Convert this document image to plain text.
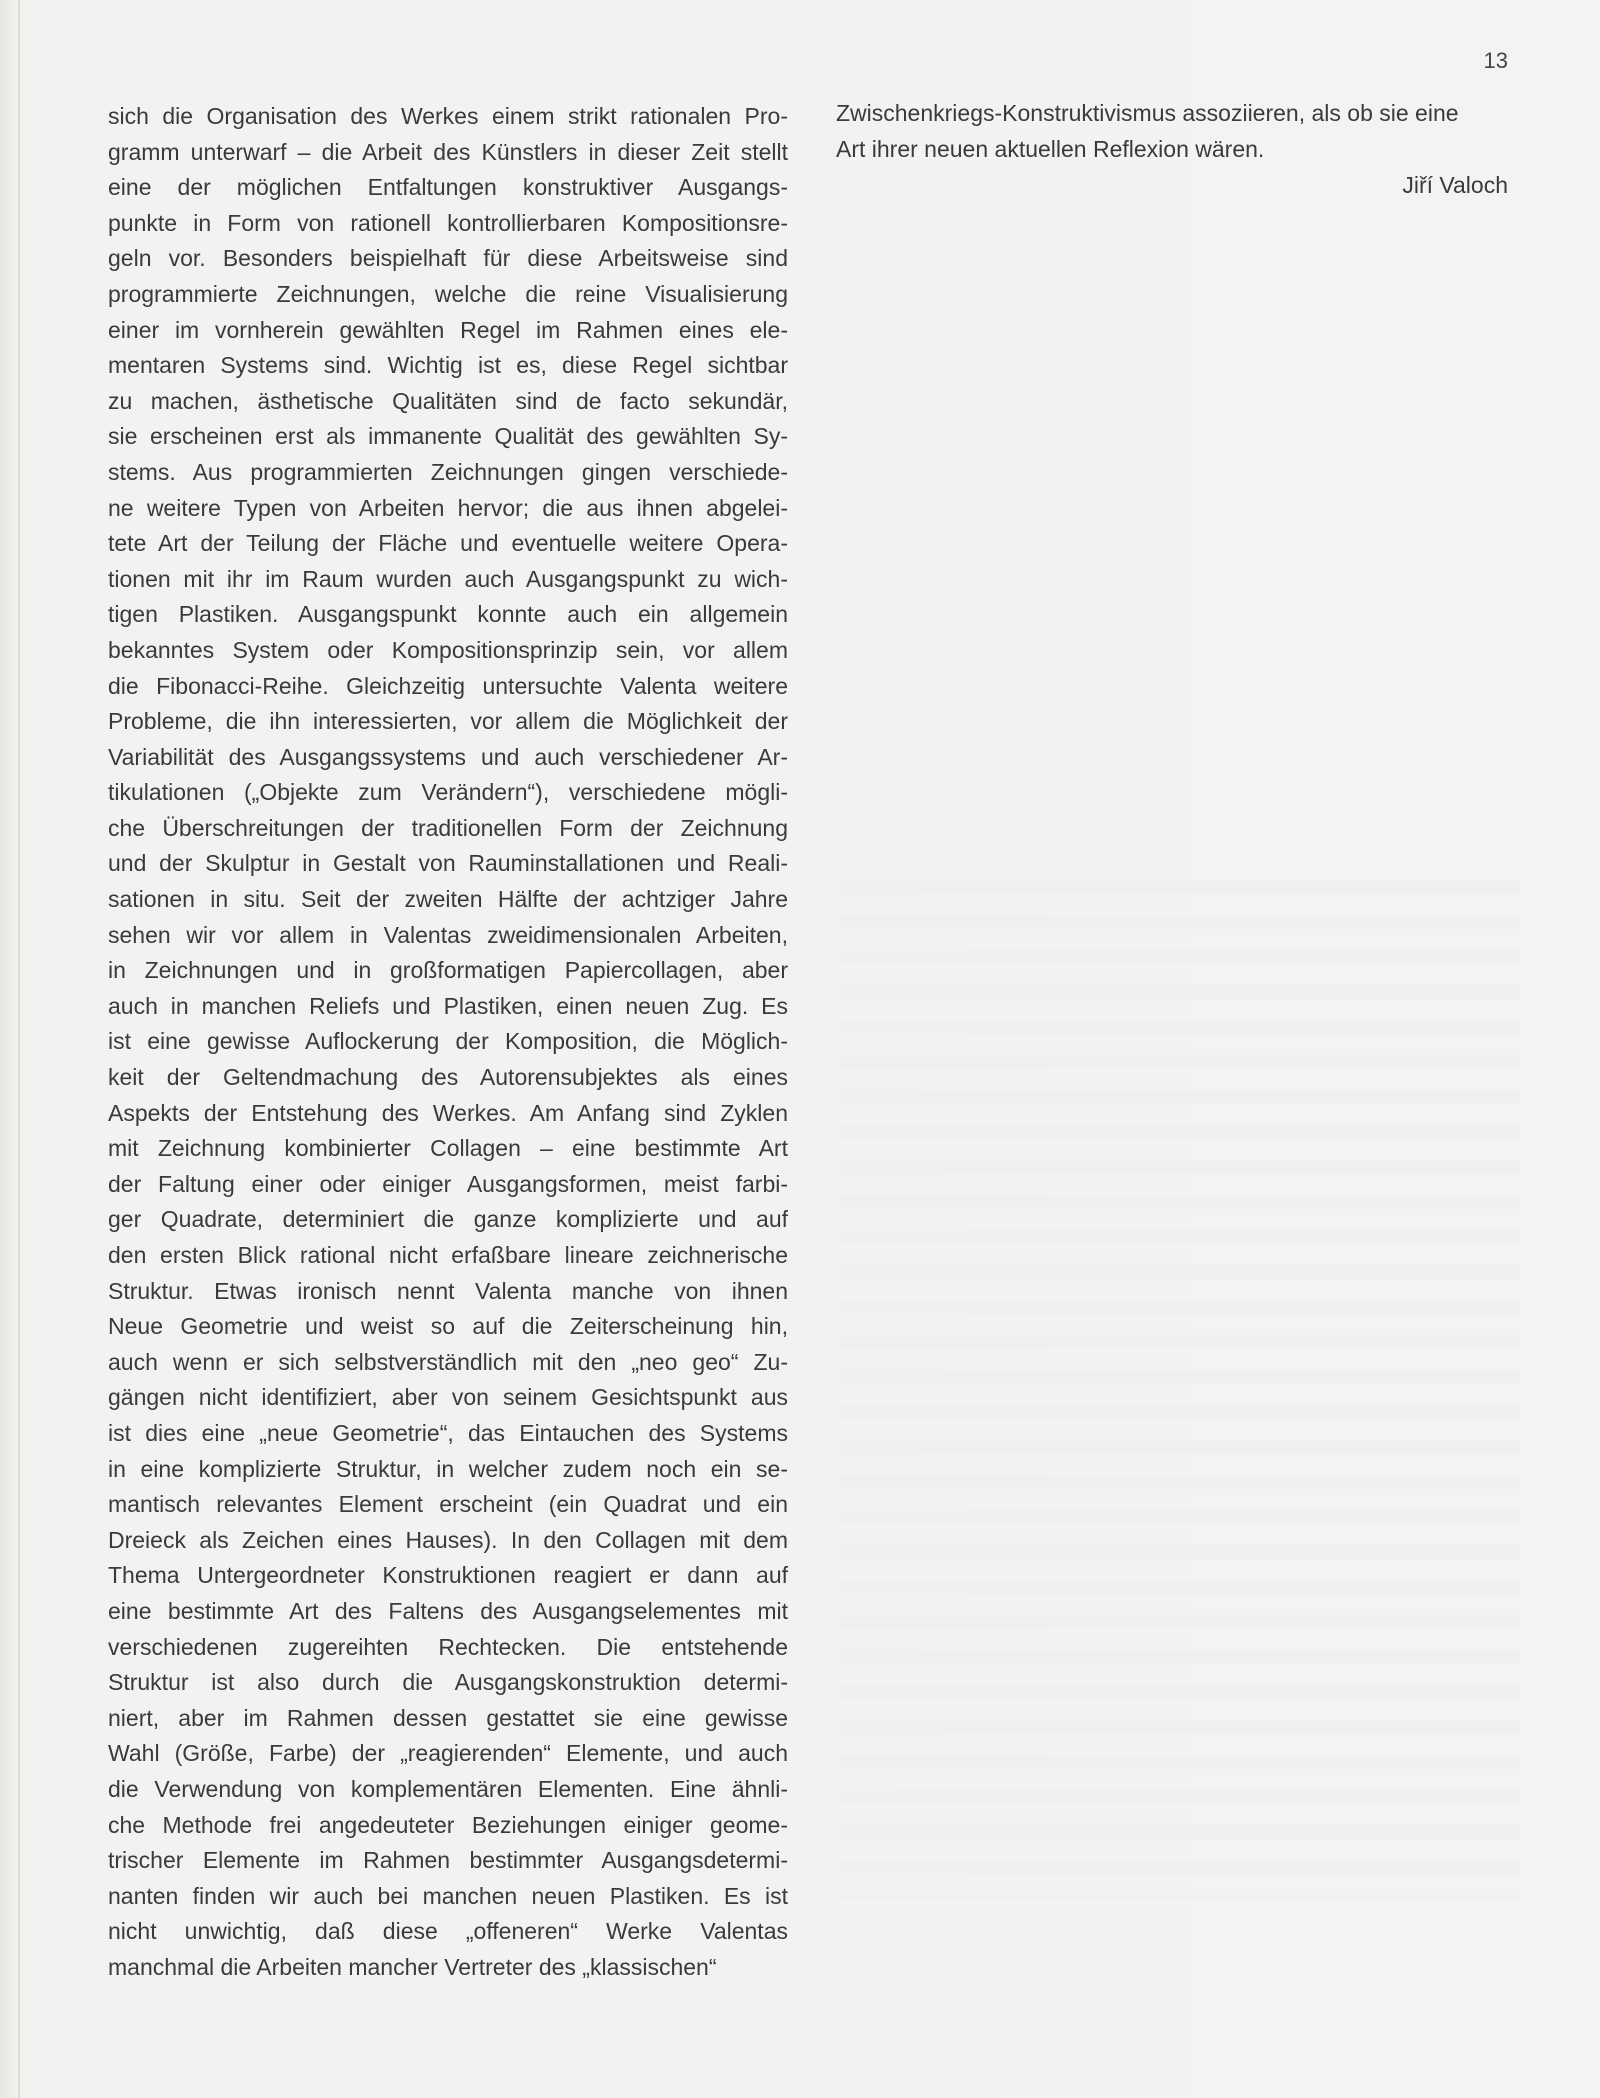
13
sich die Organisation des Werkes einem strikt rationalen Pro-
gramm unterwarf – die Arbeit des Künstlers in dieser Zeit stellt
eine der möglichen Entfaltungen konstruktiver Ausgangs-
punkte in Form von rationell kontrollierbaren Kompositionsre-
geln vor. Besonders beispielhaft für diese Arbeitsweise sind
programmierte Zeichnungen, welche die reine Visualisierung
einer im vornherein gewählten Regel im Rahmen eines ele-
mentaren Systems sind. Wichtig ist es, diese Regel sichtbar
zu machen, ästhetische Qualitäten sind de facto sekundär,
sie erscheinen erst als immanente Qualität des gewählten Sy-
stems. Aus programmierten Zeichnungen gingen verschiede-
ne weitere Typen von Arbeiten hervor; die aus ihnen abgelei-
tete Art der Teilung der Fläche und eventuelle weitere Opera-
tionen mit ihr im Raum wurden auch Ausgangspunkt zu wich-
tigen Plastiken. Ausgangspunkt konnte auch ein allgemein
bekanntes System oder Kompositionsprinzip sein, vor allem
die Fibonacci-Reihe. Gleichzeitig untersuchte Valenta weitere
Probleme, die ihn interessierten, vor allem die Möglichkeit der
Variabilität des Ausgangssystems und auch verschiedener Ar-
tikulationen („Objekte zum Verändern“), verschiedene mögli-
che Überschreitungen der traditionellen Form der Zeichnung
und der Skulptur in Gestalt von Rauminstallationen und Reali-
sationen in situ. Seit der zweiten Hälfte der achtziger Jahre
sehen wir vor allem in Valentas zweidimensionalen Arbeiten,
in Zeichnungen und in großformatigen Papiercollagen, aber
auch in manchen Reliefs und Plastiken, einen neuen Zug. Es
ist eine gewisse Auflockerung der Komposition, die Möglich-
keit der Geltendmachung des Autorensubjektes als eines
Aspekts der Entstehung des Werkes. Am Anfang sind Zyklen
mit Zeichnung kombinierter Collagen – eine bestimmte Art
der Faltung einer oder einiger Ausgangsformen, meist farbi-
ger Quadrate, determiniert die ganze komplizierte und auf
den ersten Blick rational nicht erfaßbare lineare zeichnerische
Struktur. Etwas ironisch nennt Valenta manche von ihnen
Neue Geometrie und weist so auf die Zeiterscheinung hin,
auch wenn er sich selbstverständlich mit den „neo geo“ Zu-
gängen nicht identifiziert, aber von seinem Gesichtspunkt aus
ist dies eine „neue Geometrie“, das Eintauchen des Systems
in eine komplizierte Struktur, in welcher zudem noch ein se-
mantisch relevantes Element erscheint (ein Quadrat und ein
Dreieck als Zeichen eines Hauses). In den Collagen mit dem
Thema Untergeordneter Konstruktionen reagiert er dann auf
eine bestimmte Art des Faltens des Ausgangselementes mit
verschiedenen zugereihten Rechtecken. Die entstehende
Struktur ist also durch die Ausgangskonstruktion determi-
niert, aber im Rahmen dessen gestattet sie eine gewisse
Wahl (Größe, Farbe) der „reagierenden“ Elemente, und auch
die Verwendung von komplementären Elementen. Eine ähnli-
che Methode frei angedeuteter Beziehungen einiger geome-
trischer Elemente im Rahmen bestimmter Ausgangsdetermi-
nanten finden wir auch bei manchen neuen Plastiken. Es ist
nicht unwichtig, daß diese „offeneren“ Werke Valentas
manchmal die Arbeiten mancher Vertreter des „klassischen“
Zwischenkriegs-Konstruktivismus assoziieren, als ob sie eine
Art ihrer neuen aktuellen Reflexion wären.
Jiří Valoch
